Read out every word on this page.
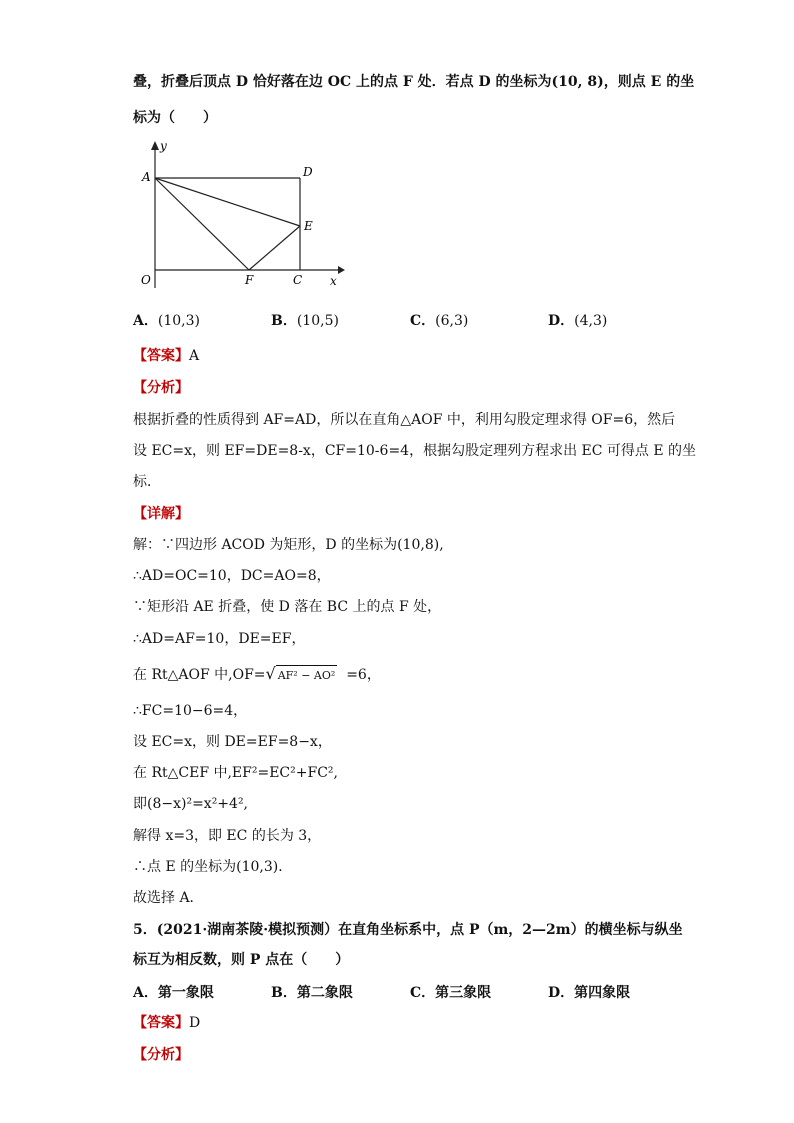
叠，折叠后顶点 D 恰好落在边 OC 上的点 F 处．若点 D 的坐标为(10, 8)，则点 E 的坐
标为（　　）
y
x
A	D
E
O	F	C
A．(10,3)	B．(10,5)	C．(6,3)	D．(4,3)
【答案】A
【分析】
根据折叠的性质得到 AF=AD，所以在直角△AOF 中，利用勾股定理求得 OF=6，然后
设 EC=x，则 EF=DE=8-x，CF=10-6=4，根据勾股定理列方程求出 EC 可得点 E 的坐
标．
【详解】
解：∵四边形 ACOD 为矩形，D 的坐标为(10,8),
∴AD=OC=10，DC=AO=8，
∵矩形沿 AE 折叠，使 D 落在 BC 上的点 F 处，
∴AD=AF=10，DE=EF，
在 Rt△AOF 中,OF=√ AF² − AO² =6，
∴FC=10−6=4，
设 EC=x，则 DE=EF=8−x，
在 Rt△CEF 中,EF²=EC²+FC²,
即(8−x)²=x²+4²,
解得 x=3，即 EC 的长为 3，
∴点 E 的坐标为(10,3)．
故选择 A．
5．(2021·湖南茶陵·模拟预测）在直角坐标系中，点 P（m，2—2m）的横坐标与纵坐
标互为相反数，则 P 点在（　　）
A．第一象限	B．第二象限	C．第三象限	D．第四象限
【答案】D
【分析】
